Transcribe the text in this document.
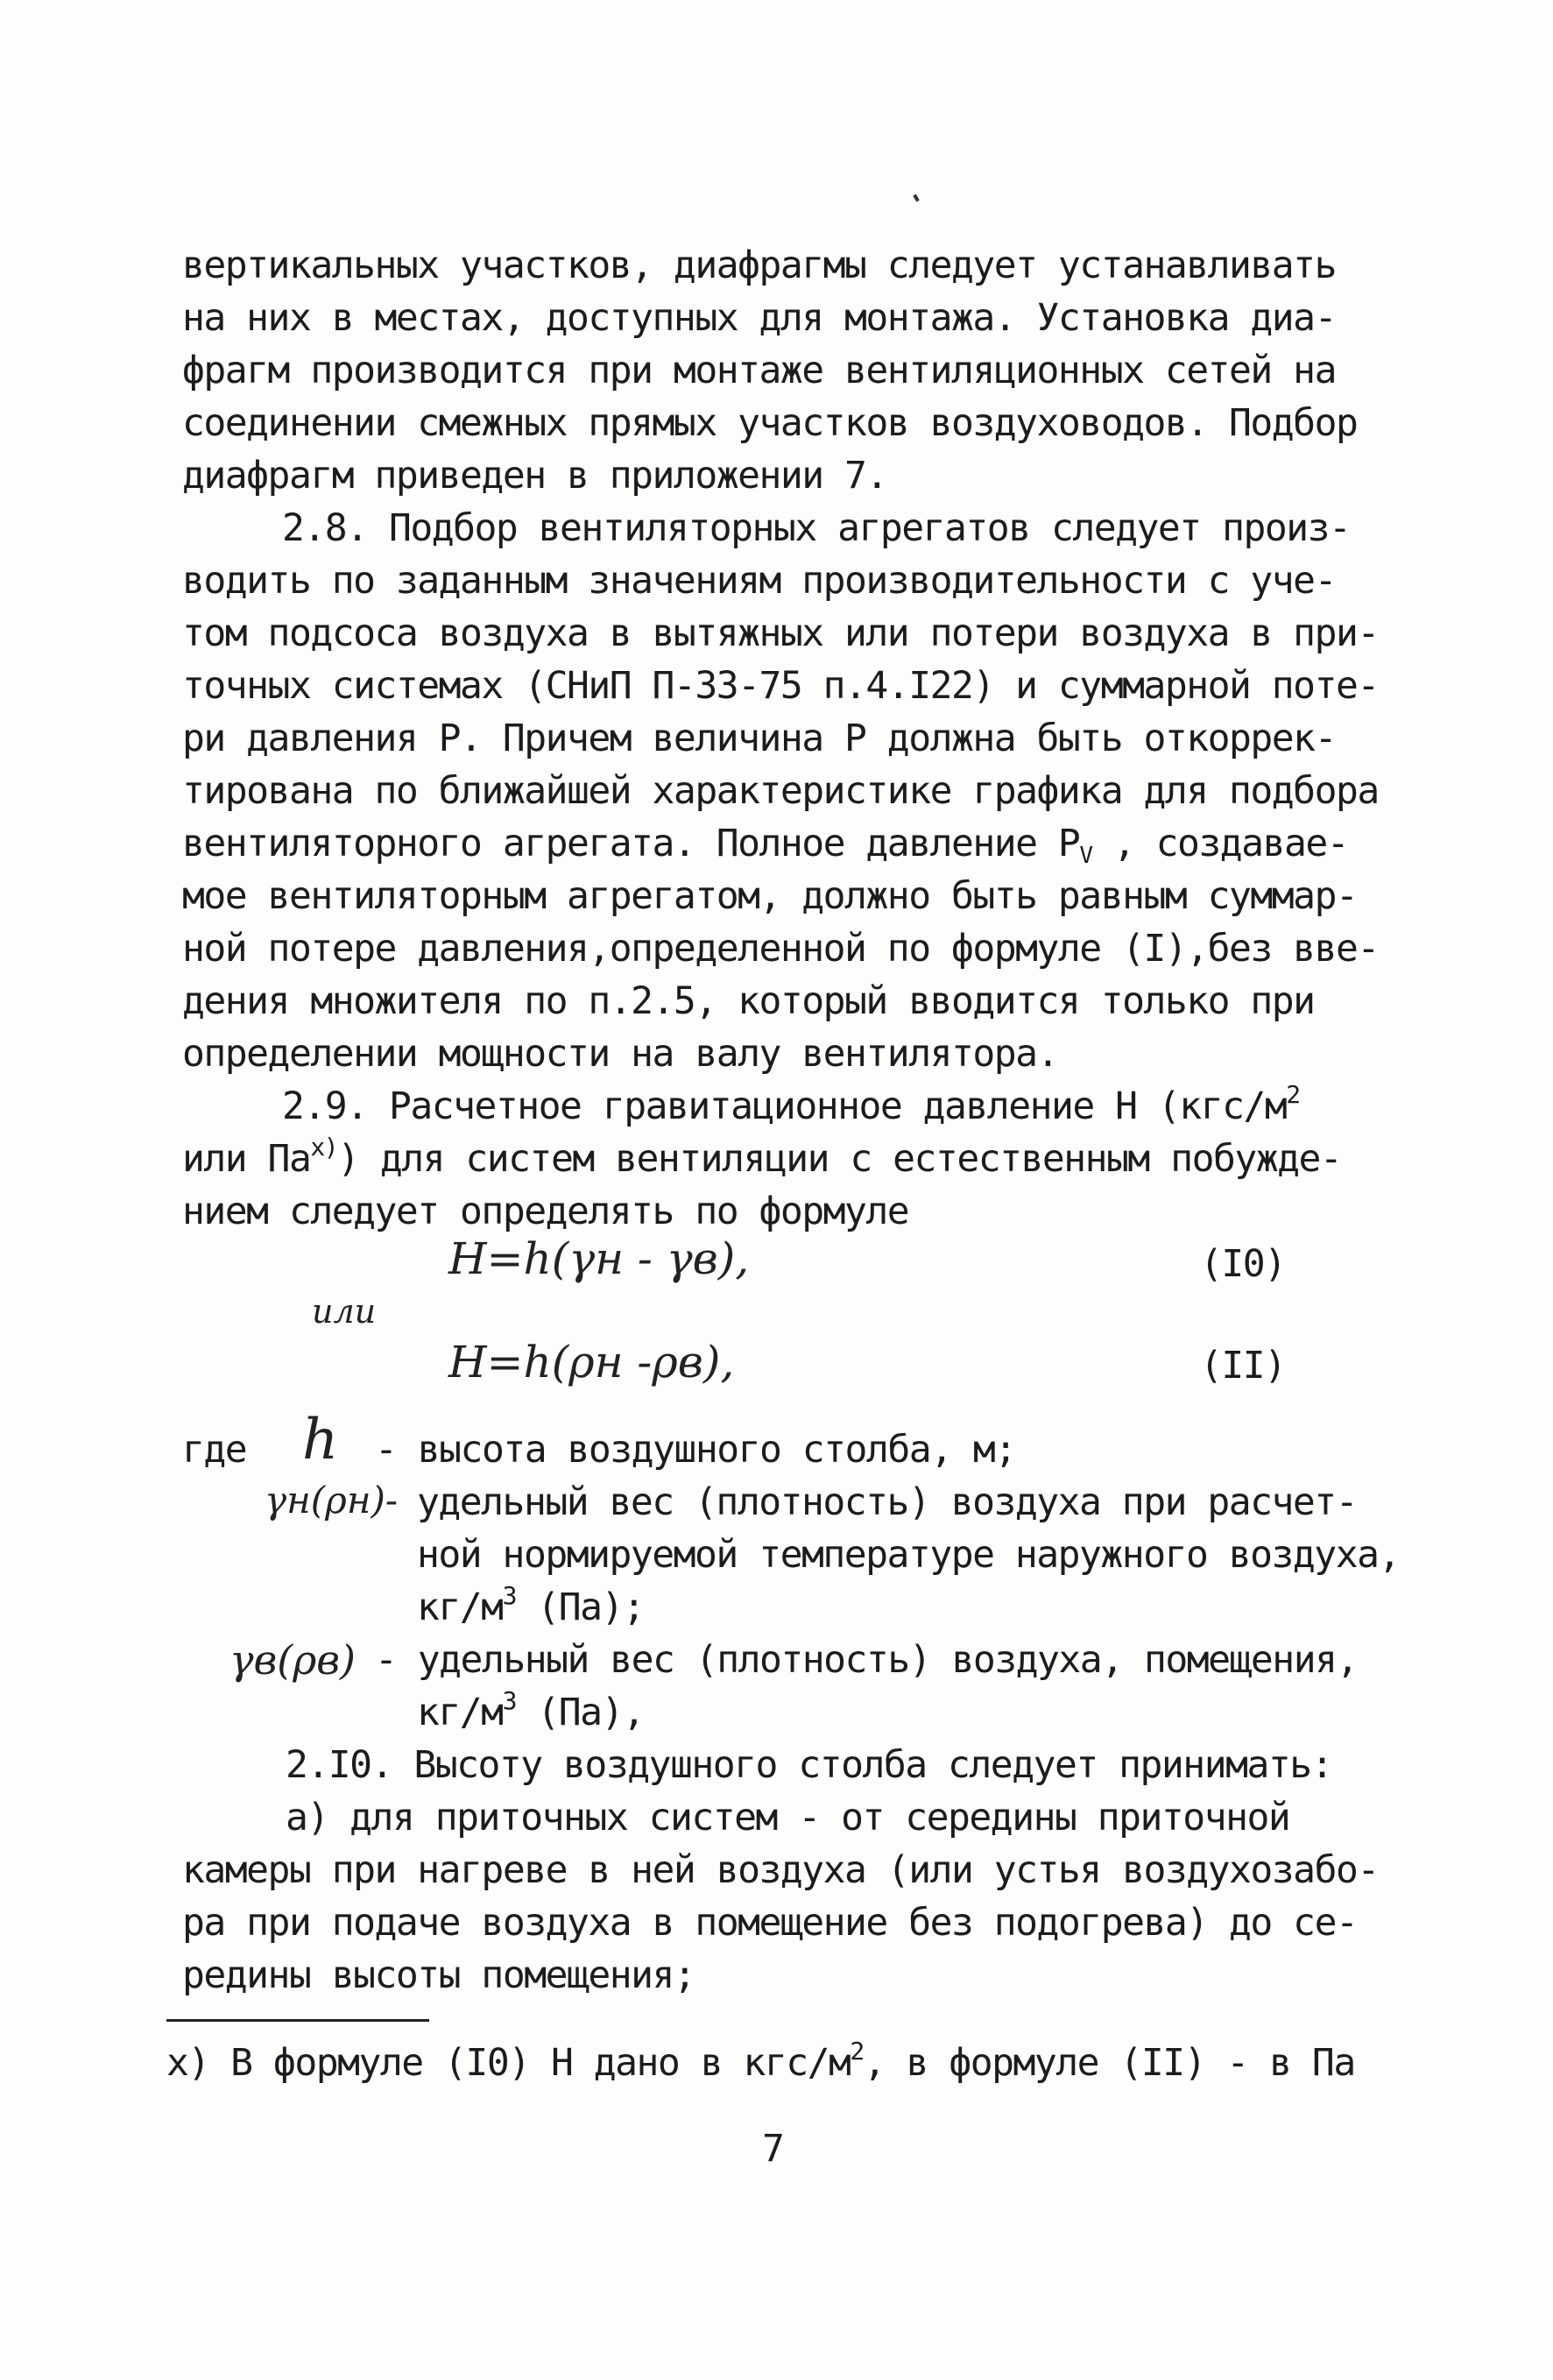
вертикальных участков, диафрагмы следует устанавливать
на них в местах, доступных для монтажа. Установка диа-
фрагм производится при монтаже вентиляционных сетей на
соединении смежных прямых участков воздуховодов. Подбор
диафрагм приведен в приложении 7.
2.8. Подбор вентиляторных агрегатов следует произ-
водить по заданным значениям производительности с уче-
том подсоса воздуха в вытяжных или потери воздуха в при-
точных системах (СНиП П-33-75 п.4.I22) и суммарной поте-
ри давления Р. Причем величина Р должна быть откоррек-
тирована по ближайшей характеристике графика для подбора
вентиляторного агрегата. Полное давление $Р_V$ , создавае-
мое вентиляторным агрегатом, должно быть равным суммар-
ной потере давления,определенной по формуле (I),без вве-
дения множителя по п.2.5, который вводится только при
определении мощности на валу вентилятора.
2.9. Расчетное гравитационное давление Н ($кгс/м^2$
или $Па^{х)}$) для систем вентиляции с естественным побужде-
нием следует определять по формуле
H=h(γн - γв),	(I0)
или
H=h(ρн -ρв),	(II)
где h - высота воздушного столба, м;
γн(ρн)- удельный вес (плотность) воздуха при расчет-
ной нормируемой температуре наружного воздуха,
$кг/м^3$ (Па);
γв(ρв) - удельный вес (плотность) воздуха, помещения,
$кг/м^3$ (Па),
2.I0. Высоту воздушного столба следует принимать:
а) для приточных систем - от середины приточной
камеры при нагреве в ней воздуха (или устья воздухозабо-
ра при подаче воздуха в помещение без подогрева) до се-
редины высоты помещения;
х) В формуле (I0) Н дано в кгс/$м^2$, в формуле (II) - в Па
7
